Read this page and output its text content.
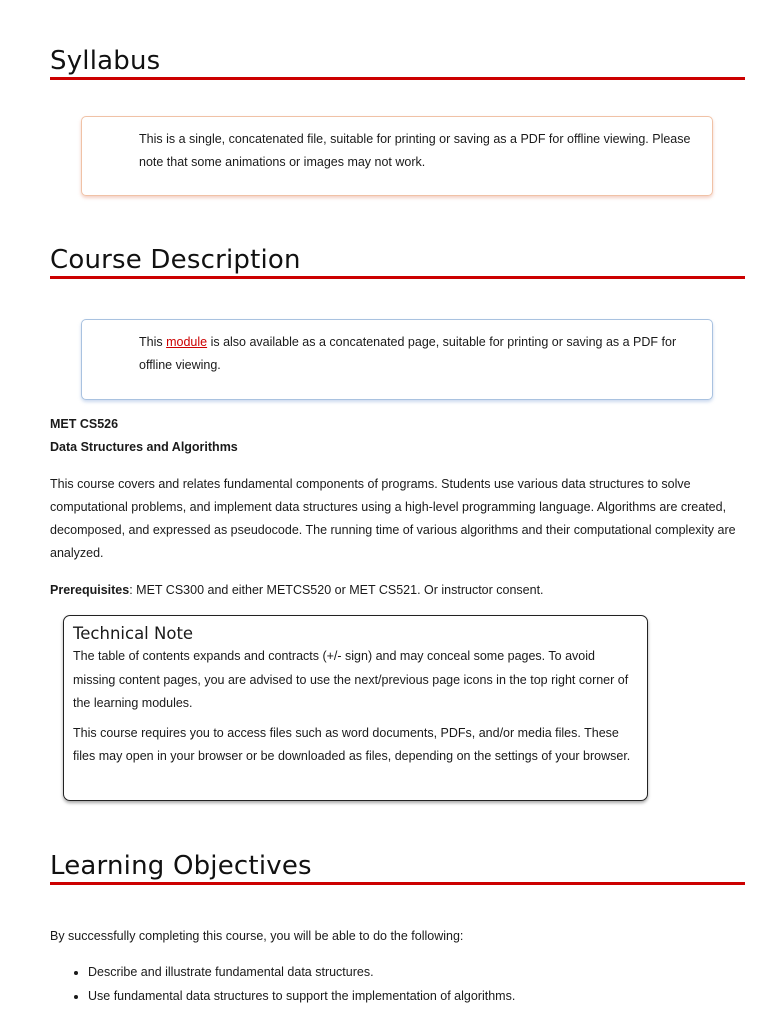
Syllabus
This is a single, concatenated file, suitable for printing or saving as a PDF for offline viewing. Please note that some animations or images may not work.
Course Description
This module is also available as a concatenated page, suitable for printing or saving as a PDF for offline viewing.

MET CS526

Data Structures and Algorithms

This course covers and relates fundamental components of programs. Students use various data structures to solve computational problems, and implement data structures using a high-level programming language. Algorithms are created, decomposed, and expressed as pseudocode. The running time of various algorithms and their computational complexity are analyzed.

Prerequisites: MET CS300 and either METCS520 or MET CS521. Or instructor consent.

Technical Note

The table of contents expands and contracts (+/- sign) and may conceal some pages. To avoid missing content pages, you are advised to use the next/previous page icons in the top right corner of the learning modules.

This course requires you to access files such as word documents, PDFs, and/or media files. These files may open in your browser or be downloaded as files, depending on the settings of your browser.

Learning Objectives

By successfully completing this course, you will be able to do the following:

• Describe and illustrate fundamental data structures.
• Use fundamental data structures to support the implementation of algorithms.
